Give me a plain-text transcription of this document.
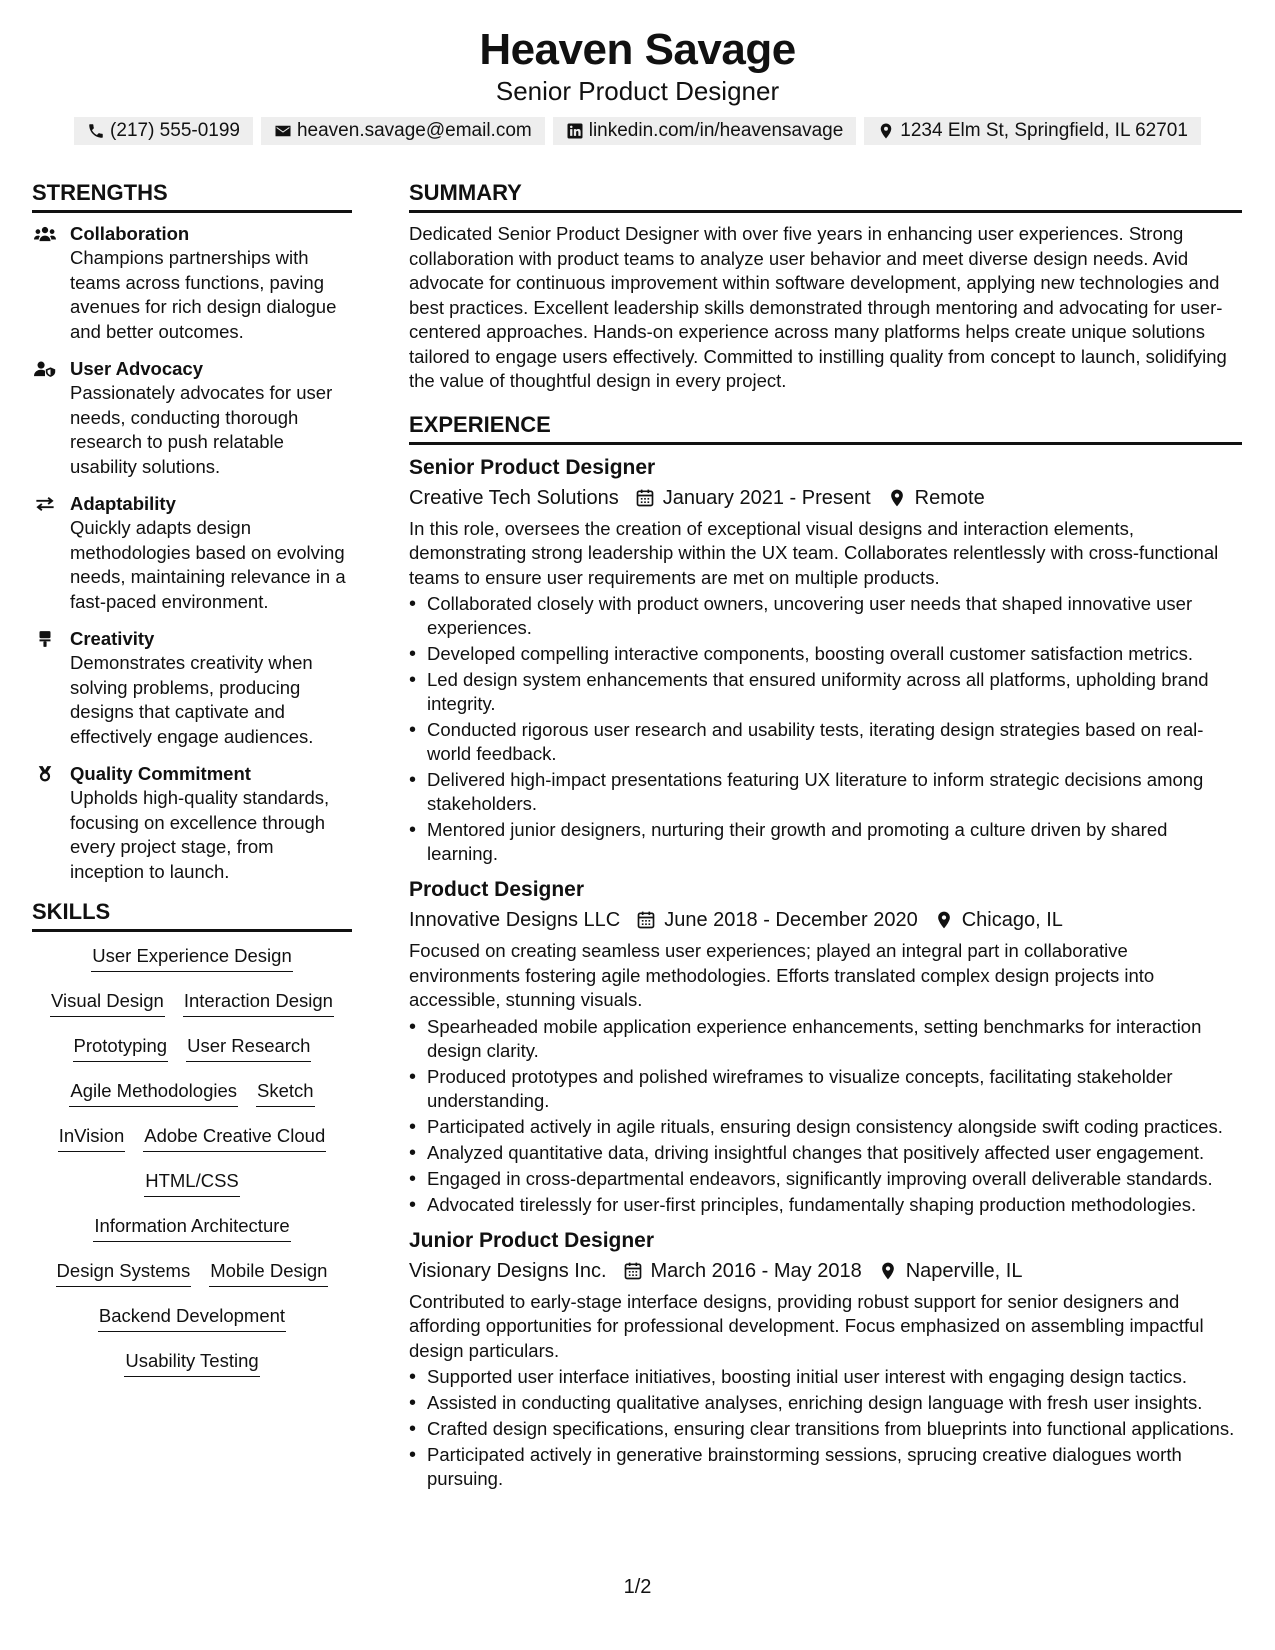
Heaven Savage
Senior Product Designer
(217) 555-0199	heaven.savage@email.com	linkedin.com/in/heavensavage	1234 Elm St, Springfield, IL 62701
STRENGTHS
Collaboration
Champions partnerships with teams across functions, paving avenues for rich design dialogue and better outcomes.
User Advocacy
Passionately advocates for user needs, conducting thorough research to push relatable usability solutions.
Adaptability
Quickly adapts design methodologies based on evolving needs, maintaining relevance in a fast-paced environment.
Creativity
Demonstrates creativity when solving problems, producing designs that captivate and effectively engage audiences.
Quality Commitment
Upholds high-quality standards, focusing on excellence through every project stage, from inception to launch.
SKILLS
User Experience Design
Visual Design Interaction Design
Prototyping User Research
Agile Methodologies Sketch
InVision Adobe Creative Cloud
HTML/CSS
Information Architecture
Design Systems Mobile Design
Backend Development
Usability Testing
SUMMARY
Dedicated Senior Product Designer with over five years in enhancing user experiences. Strong collaboration with product teams to analyze user behavior and meet diverse design needs. Avid advocate for continuous improvement within software development, applying new technologies and best practices. Excellent leadership skills demonstrated through mentoring and advocating for user-centered approaches. Hands-on experience across many platforms helps create unique solutions tailored to engage users effectively. Committed to instilling quality from concept to launch, solidifying the value of thoughtful design in every project.
EXPERIENCE
Senior Product Designer
Creative Tech Solutions January 2021 - Present Remote
In this role, oversees the creation of exceptional visual designs and interaction elements, demonstrating strong leadership within the UX team. Collaborates relentlessly with cross-functional teams to ensure user requirements are met on multiple products.
• Collaborated closely with product owners, uncovering user needs that shaped innovative user experiences.
• Developed compelling interactive components, boosting overall customer satisfaction metrics.
• Led design system enhancements that ensured uniformity across all platforms, upholding brand integrity.
• Conducted rigorous user research and usability tests, iterating design strategies based on real-world feedback.
• Delivered high-impact presentations featuring UX literature to inform strategic decisions among stakeholders.
• Mentored junior designers, nurturing their growth and promoting a culture driven by shared learning.
Product Designer
Innovative Designs LLC June 2018 - December 2020 Chicago, IL
Focused on creating seamless user experiences; played an integral part in collaborative environments fostering agile methodologies. Efforts translated complex design projects into accessible, stunning visuals.
• Spearheaded mobile application experience enhancements, setting benchmarks for interaction design clarity.
• Produced prototypes and polished wireframes to visualize concepts, facilitating stakeholder understanding.
• Participated actively in agile rituals, ensuring design consistency alongside swift coding practices.
• Analyzed quantitative data, driving insightful changes that positively affected user engagement.
• Engaged in cross-departmental endeavors, significantly improving overall deliverable standards.
• Advocated tirelessly for user-first principles, fundamentally shaping production methodologies.
Junior Product Designer
Visionary Designs Inc. March 2016 - May 2018 Naperville, IL
Contributed to early-stage interface designs, providing robust support for senior designers and affording opportunities for professional development. Focus emphasized on assembling impactful design particulars.
• Supported user interface initiatives, boosting initial user interest with engaging design tactics.
• Assisted in conducting qualitative analyses, enriching design language with fresh user insights.
• Crafted design specifications, ensuring clear transitions from blueprints into functional applications.
• Participated actively in generative brainstorming sessions, sprucing creative dialogues worth pursuing.
1/2
